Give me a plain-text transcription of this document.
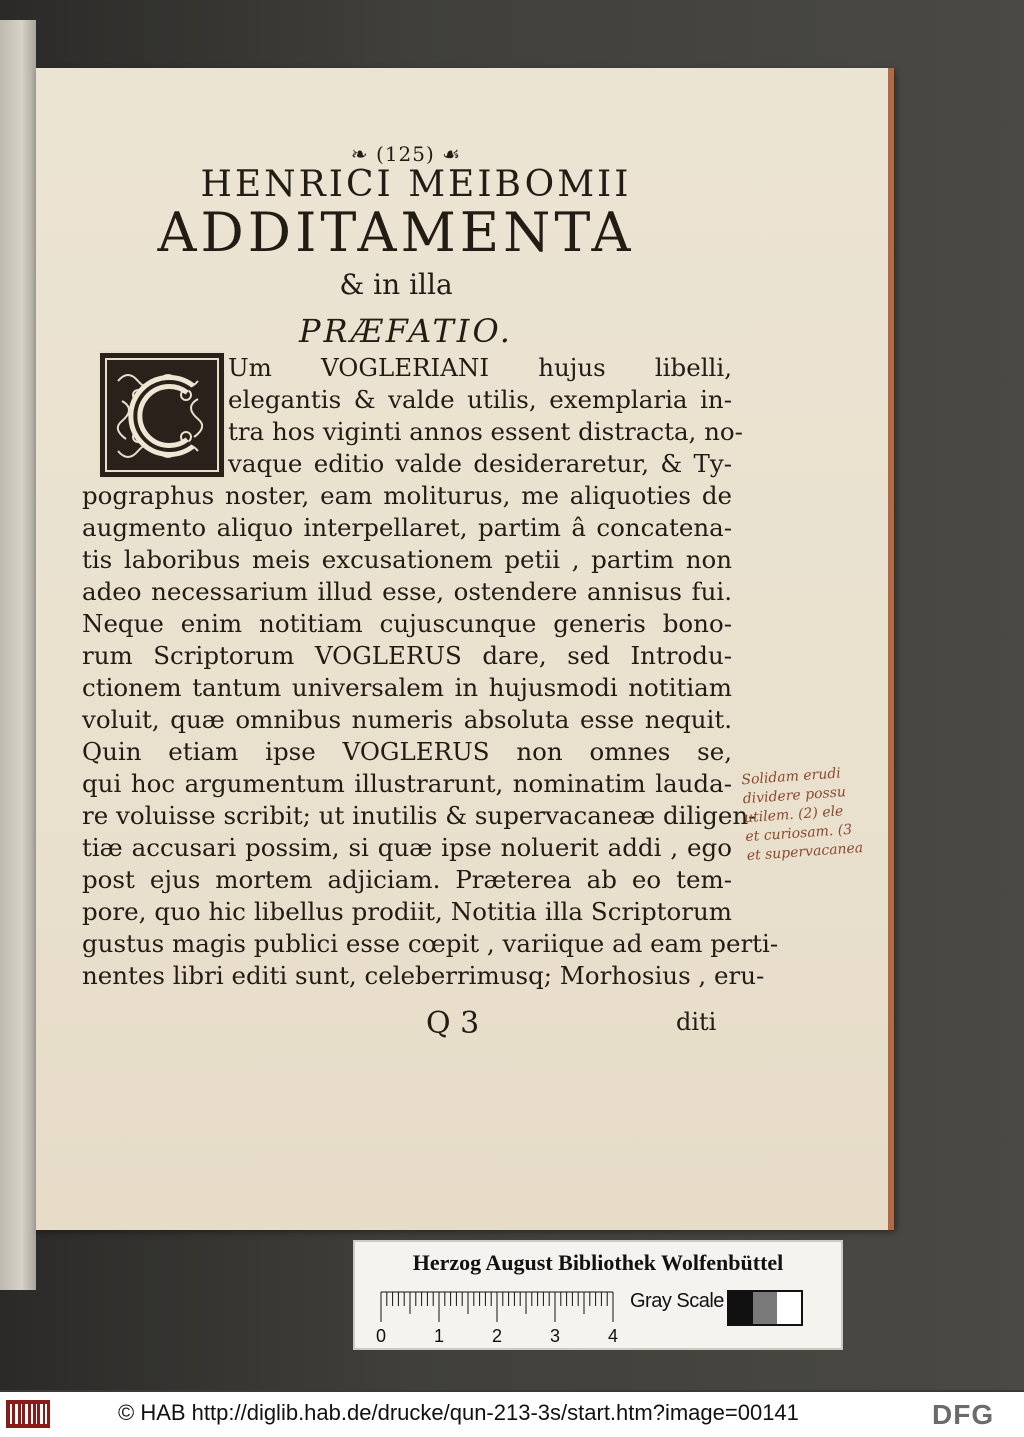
❧ (125) ☙
HENRICI MEIBOMII
ADDITAMENTA
& in illa
PRÆFATIO.
Um VOGLERIANI hujus libelli,
elegantis & valde utilis, exemplaria in-
tra hos viginti annos essent distracta, no-
vaque editio valde desideraretur, & Ty-
pographus noster, eam moliturus, me aliquoties de
augmento aliquo interpellaret, partim â concatena-
tis laboribus meis excusationem petii , partim non
adeo necessarium illud esse, ostendere annisus fui.
Neque enim notitiam cujuscunque generis bono-
rum Scriptorum VOGLERUS dare, sed Introdu-
ctionem tantum universalem in hujusmodi notitiam
voluit, quæ omnibus numeris absoluta esse nequit.
Quin etiam ipse VOGLERUS non omnes se,
qui hoc argumentum illustrarunt, nominatim lauda-
re voluisse scribit; ut inutilis & supervacaneæ diligen-
tiæ accusari possim, si quæ ipse noluerit addi , ego
post ejus mortem adjiciam. Præterea ab eo tem-
pore, quo hic libellus prodiit, Notitia illa Scriptorum
gustus magis publici esse cœpit , variique ad eam perti-
nentes libri editi sunt, celeberrimusq; Morhosius , eru-
Q 3	diti
Solidam erudi
dividere possu
utilem. (2) ele
et curiosam. (3
et supervacanea
Herzog August Bibliothek Wolfenbüttel
0	1	2	3	4
Gray Scale
© HAB http://diglib.hab.de/drucke/qun-213-3s/start.htm?image=00141	DFG
